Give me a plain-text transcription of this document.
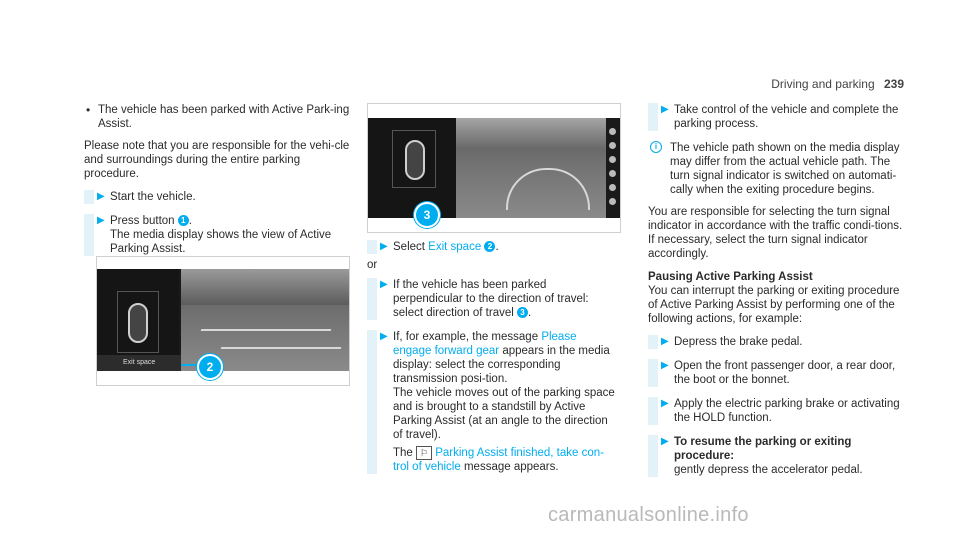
Driving and parking 239
• The vehicle has been parked with Active Park-ing Assist.
Please note that you are responsible for the vehi-cle and surroundings during the entire parking procedure.
▶ Start the vehicle.
▶ Press button 1 .
The media display shows the view of Active Parking Assist.
Exit space	2
3
▶ Select Exit space 2 .
or
▶ If the vehicle has been parked perpendicular to the direction of travel: select direction of travel 3 .
▶ If, for example, the message Please engage forward gear appears in the media display: select the corresponding transmission posi-tion.
The vehicle moves out of the parking space and is brought to a standstill by Active Parking Assist (at an angle to the direction of travel).
The ⚐ Parking Assist finished, take con-trol of vehicle message appears.
▶ Take control of the vehicle and complete the parking process.
i	The vehicle path shown on the media display may differ from the actual vehicle path. The turn signal indicator is switched on automati-cally when the exiting procedure begins.
You are responsible for selecting the turn signal indicator in accordance with the traffic condi-tions. If necessary, select the turn signal indicator accordingly.
Pausing Active Parking Assist
You can interrupt the parking or exiting procedure of Active Parking Assist by performing one of the following actions, for example:
▶ Depress the brake pedal.
▶ Open the front passenger door, a rear door, the boot or the bonnet.
▶ Apply the electric parking brake or activating the HOLD function.
▶ To resume the parking or exiting procedure:
gently depress the accelerator pedal.
carmanualsonline.info
